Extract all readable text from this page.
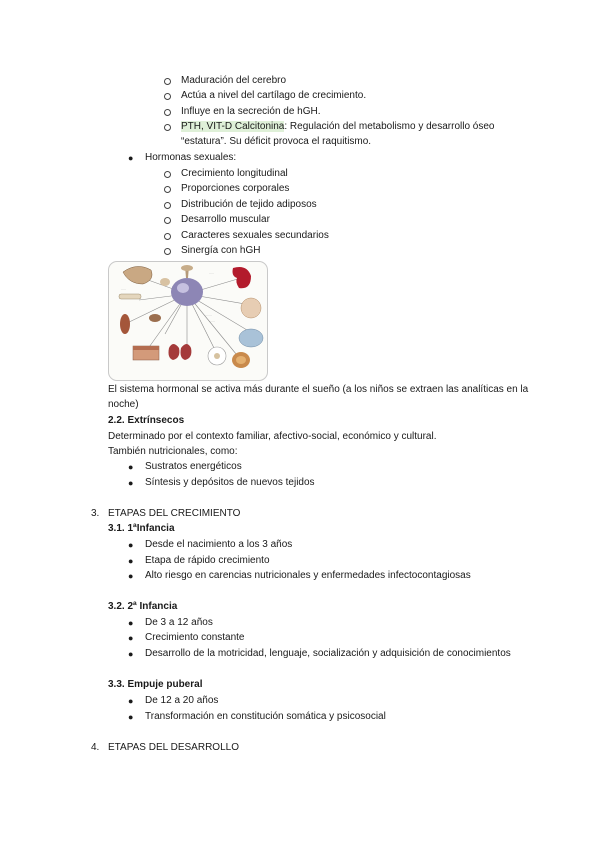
Maduración del cerebro
Actúa a nivel del cartílago de crecimiento.
Influye en la secreción de hGH.
PTH, VIT-D Calcitonina: Regulación del metabolismo y desarrollo óseo
“estatura”. Su déficit provoca el raquitismo.
● Hormonas sexuales:
Crecimiento longitudinal
Proporciones corporales
Distribución de tejido adiposos
Desarrollo muscular
Caracteres sexuales secundarios
Sinergía con hGH
·····
·····
·······
······
El sistema hormonal se activa más durante el sueño (a los niños se extraen las analíticas en la
noche)
2.2. Extrínsecos
Determinado por el contexto familiar, afectivo-social, económico y cultural.
También nutricionales, como:
● Sustratos energéticos
● Síntesis y depósitos de nuevos tejidos
3. ETAPAS DEL CRECIMIENTO
3.1. 1ªInfancia
● Desde el nacimiento a los 3 años
● Etapa de rápido crecimiento
● Alto riesgo en carencias nutricionales y enfermedades infectocontagiosas
3.2. 2ª Infancia
● De 3 a 12 años
● Crecimiento constante
● Desarrollo de la motricidad, lenguaje, socialización y adquisición de conocimientos
3.3. Empuje puberal
● De 12 a 20 años
● Transformación en constitución somática y psicosocial
4. ETAPAS DEL DESARROLLO
